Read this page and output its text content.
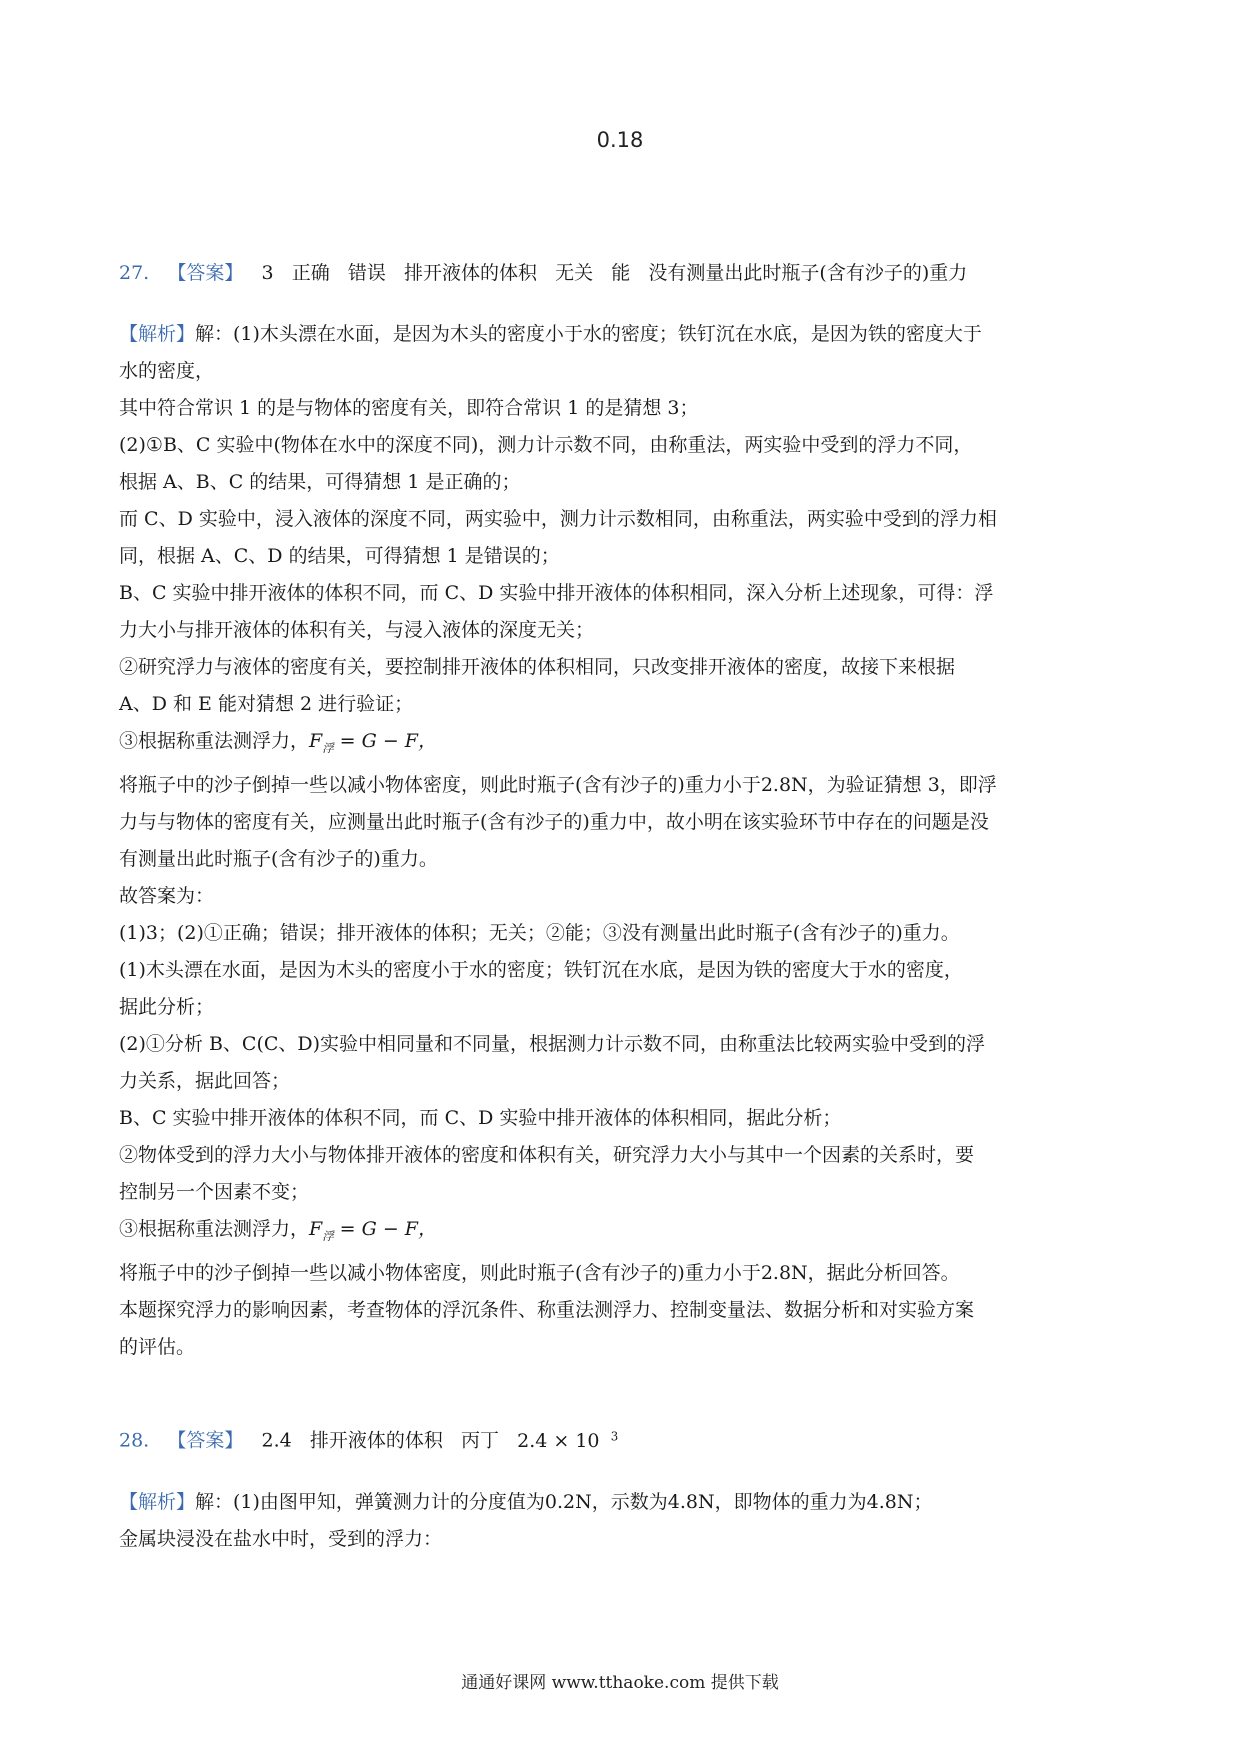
0.18
27. 【答案】 3 正确 错误 排开液体的体积 无关 能 没有测量出此时瓶子(含有沙子的)重力
【解析】解：(1)木头漂在水面，是因为木头的密度小于水的密度；铁钉沉在水底，是因为铁的密度大于
水的密度，
其中符合常识 1 的是与物体的密度有关，即符合常识 1 的是猜想 3；
(2)①B、C 实验中(物体在水中的深度不同)，测力计示数不同，由称重法，两实验中受到的浮力不同，
根据 A、B、C 的结果，可得猜想 1 是正确的；
而 C、D 实验中，浸入液体的深度不同，两实验中，测力计示数相同，由称重法，两实验中受到的浮力相
同，根据 A、C、D 的结果，可得猜想 1 是错误的；
B、C 实验中排开液体的体积不同，而 C、D 实验中排开液体的体积相同，深入分析上述现象，可得：浮
力大小与排开液体的体积有关，与浸入液体的深度无关；
②研究浮力与液体的密度有关，要控制排开液体的体积相同，只改变排开液体的密度，故接下来根据
A、D 和 E 能对猜想 2 进行验证；
③根据称重法测浮力，$F_浮 = G - F$，
将瓶子中的沙子倒掉一些以减小物体密度，则此时瓶子(含有沙子的)重力小于2.8N，为验证猜想 3，即浮
力与与物体的密度有关，应测量出此时瓶子(含有沙子的)重力中，故小明在该实验环节中存在的问题是没
有测量出此时瓶子(含有沙子的)重力。
故答案为：
(1)3；(2)①正确；错误；排开液体的体积；无关；②能；③没有测量出此时瓶子(含有沙子的)重力。
(1)木头漂在水面，是因为木头的密度小于水的密度；铁钉沉在水底，是因为铁的密度大于水的密度，
据此分析；
(2)①分析 B、C(C、D)实验中相同量和不同量，根据测力计示数不同，由称重法比较两实验中受到的浮
力关系，据此回答；
B、C 实验中排开液体的体积不同，而 C、D 实验中排开液体的体积相同，据此分析；
②物体受到的浮力大小与物体排开液体的密度和体积有关，研究浮力大小与其中一个因素的关系时，要
控制另一个因素不变；
③根据称重法测浮力，$F_浮 = G - F$，
将瓶子中的沙子倒掉一些以减小物体密度，则此时瓶子(含有沙子的)重力小于2.8N，据此分析回答。
本题探究浮力的影响因素，考查物体的浮沉条件、称重法测浮力、控制变量法、数据分析和对实验方案
的评估。
28. 【答案】 2.4 排开液体的体积 丙丁 2.4 × 10 $^3$
【解析】解：(1)由图甲知，弹簧测力计的分度值为0.2N，示数为4.8N，即物体的重力为4.8N；
金属块浸没在盐水中时，受到的浮力：
通通好课网 www.tthaoke.com 提供下载
